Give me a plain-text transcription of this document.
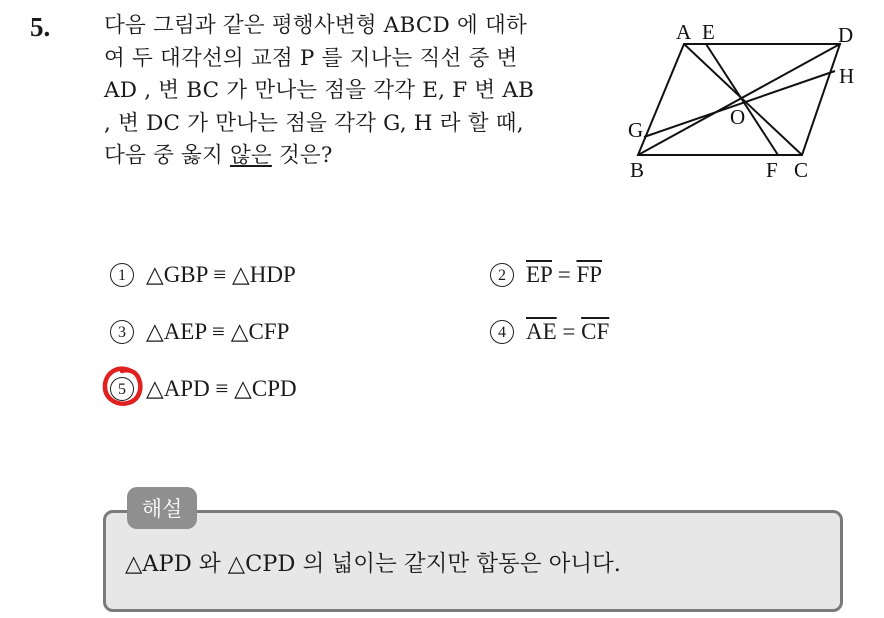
5.	다음 그림과 같은 평행사변형 ABCD 에 대하
여 두 대각선의 교점 P 를 지나는 직선 중 변
AD , 변 BC 가 만나는 점을 각각 E, F 변 AB
, 변 DC 가 만나는 점을 각각 G, H 라 할 때,
다음 중 옳지 않은 것은?
A E	D
H
O
G
B	F C
1 △GBP ≡ △HDP	2 $\overline{EP} = \overline{FP}$
3 △AEP ≡ △CFP	4 $\overline{AE} = \overline{CF}$
5 △APD ≡ △CPD
해설
△APD 와 △CPD 의 넓이는 같지만 합동은 아니다.
